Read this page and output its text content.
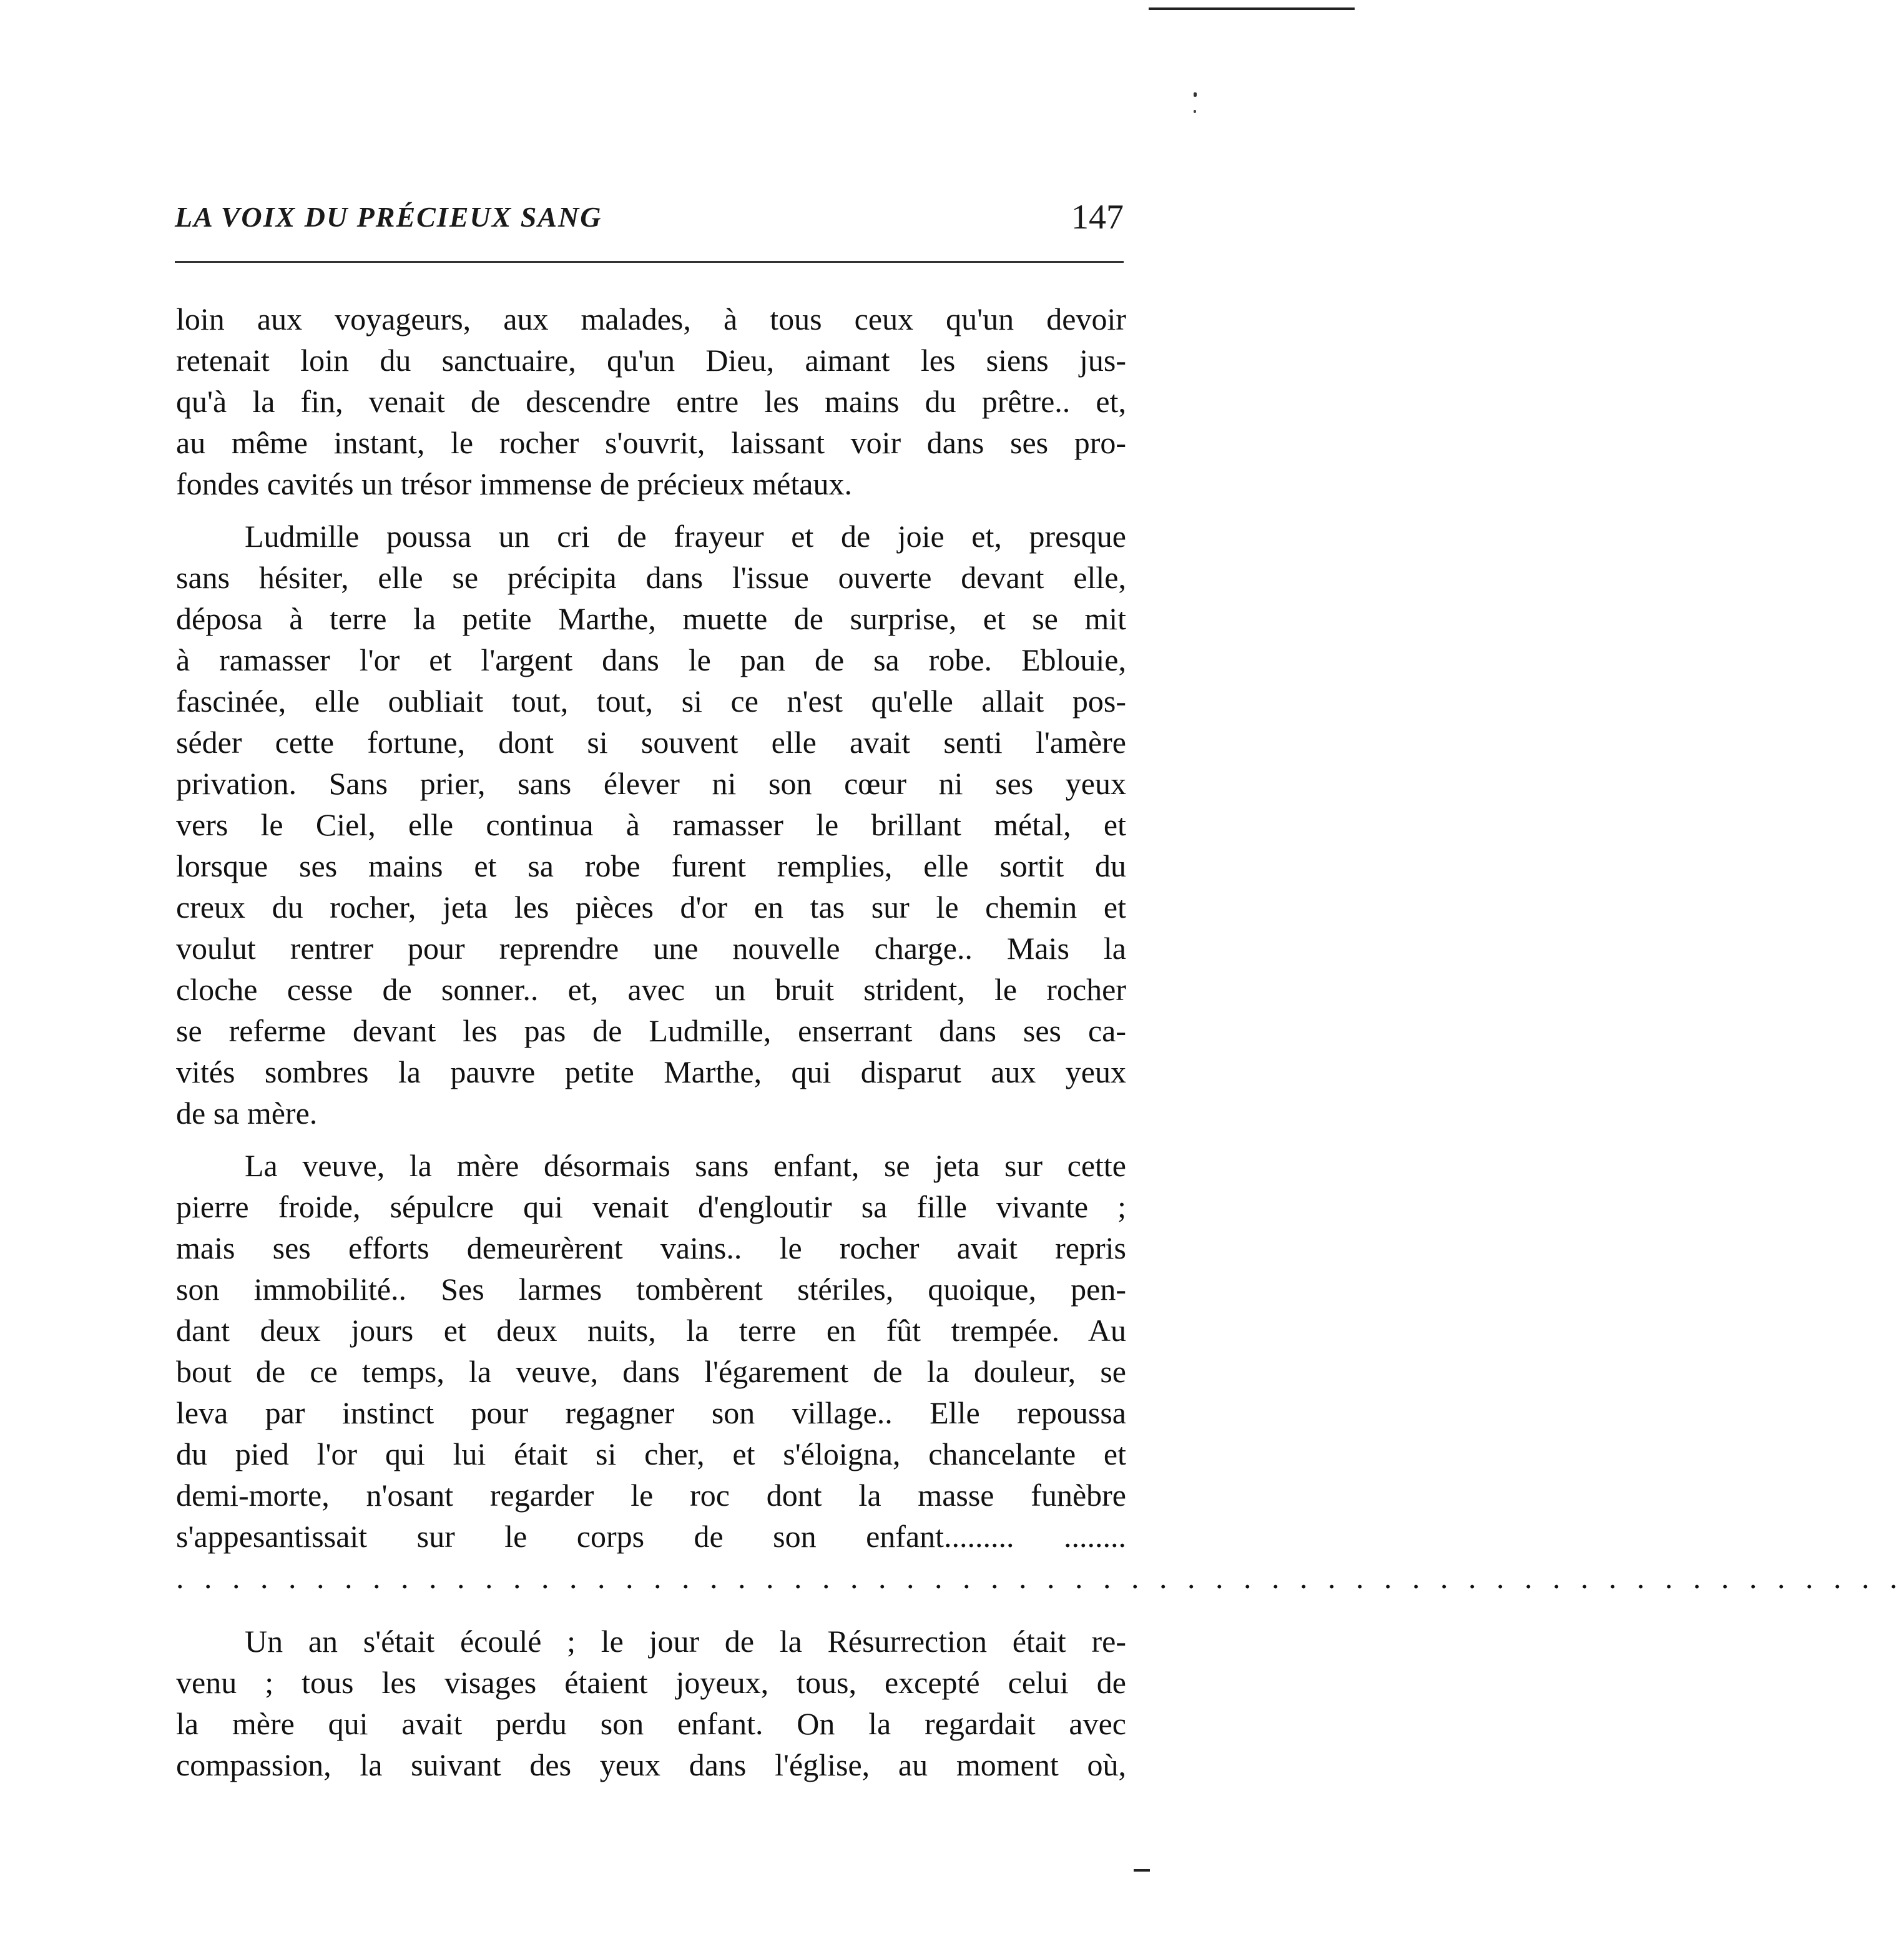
LA VOIX DU PRÉCIEUX SANG	147
loin aux voyageurs, aux malades, à tous ceux qu'un devoir
retenait loin du sanctuaire, qu'un Dieu, aimant les siens jus-
qu'à la fin, venait de descendre entre les mains du prêtre.. et,
au même instant, le rocher s'ouvrit, laissant voir dans ses pro-
fondes cavités un trésor immense de précieux métaux.
Ludmille poussa un cri de frayeur et de joie et, presque
sans hésiter, elle se précipita dans l'issue ouverte devant elle,
déposa à terre la petite Marthe, muette de surprise, et se mit
à ramasser l'or et l'argent dans le pan de sa robe. Eblouie,
fascinée, elle oubliait tout, tout, si ce n'est qu'elle allait pos-
séder cette fortune, dont si souvent elle avait senti l'amère
privation. Sans prier, sans élever ni son cœur ni ses yeux
vers le Ciel, elle continua à ramasser le brillant métal, et
lorsque ses mains et sa robe furent remplies, elle sortit du
creux du rocher, jeta les pièces d'or en tas sur le chemin et
voulut rentrer pour reprendre une nouvelle charge.. Mais la
cloche cesse de sonner.. et, avec un bruit strident, le rocher
se referme devant les pas de Ludmille, enserrant dans ses ca-
vités sombres la pauvre petite Marthe, qui disparut aux yeux
de sa mère.
La veuve, la mère désormais sans enfant, se jeta sur cette
pierre froide, sépulcre qui venait d'engloutir sa fille vivante ;
mais ses efforts demeurèrent vains.. le rocher avait repris
son immobilité.. Ses larmes tombèrent stériles, quoique, pen-
dant deux jours et deux nuits, la terre en fût trempée. Au
bout de ce temps, la veuve, dans l'égarement de la douleur, se
leva par instinct pour regagner son village.. Elle repoussa
du pied l'or qui lui était si cher, et s'éloigna, chancelante et
demi-morte, n'osant regarder le roc dont la masse funèbre
s'appesantissait sur le corps de son enfant......... ........
. . . . . . . . . . . . . . . . . . . . . . . . . . . . . . . . . . . . . . . . . . . . . . . . . . . . . . . . . . . . . .
Un an s'était écoulé ; le jour de la Résurrection était re-
venu ; tous les visages étaient joyeux, tous, excepté celui de
la mère qui avait perdu son enfant. On la regardait avec
compassion, la suivant des yeux dans l'église, au moment où,
